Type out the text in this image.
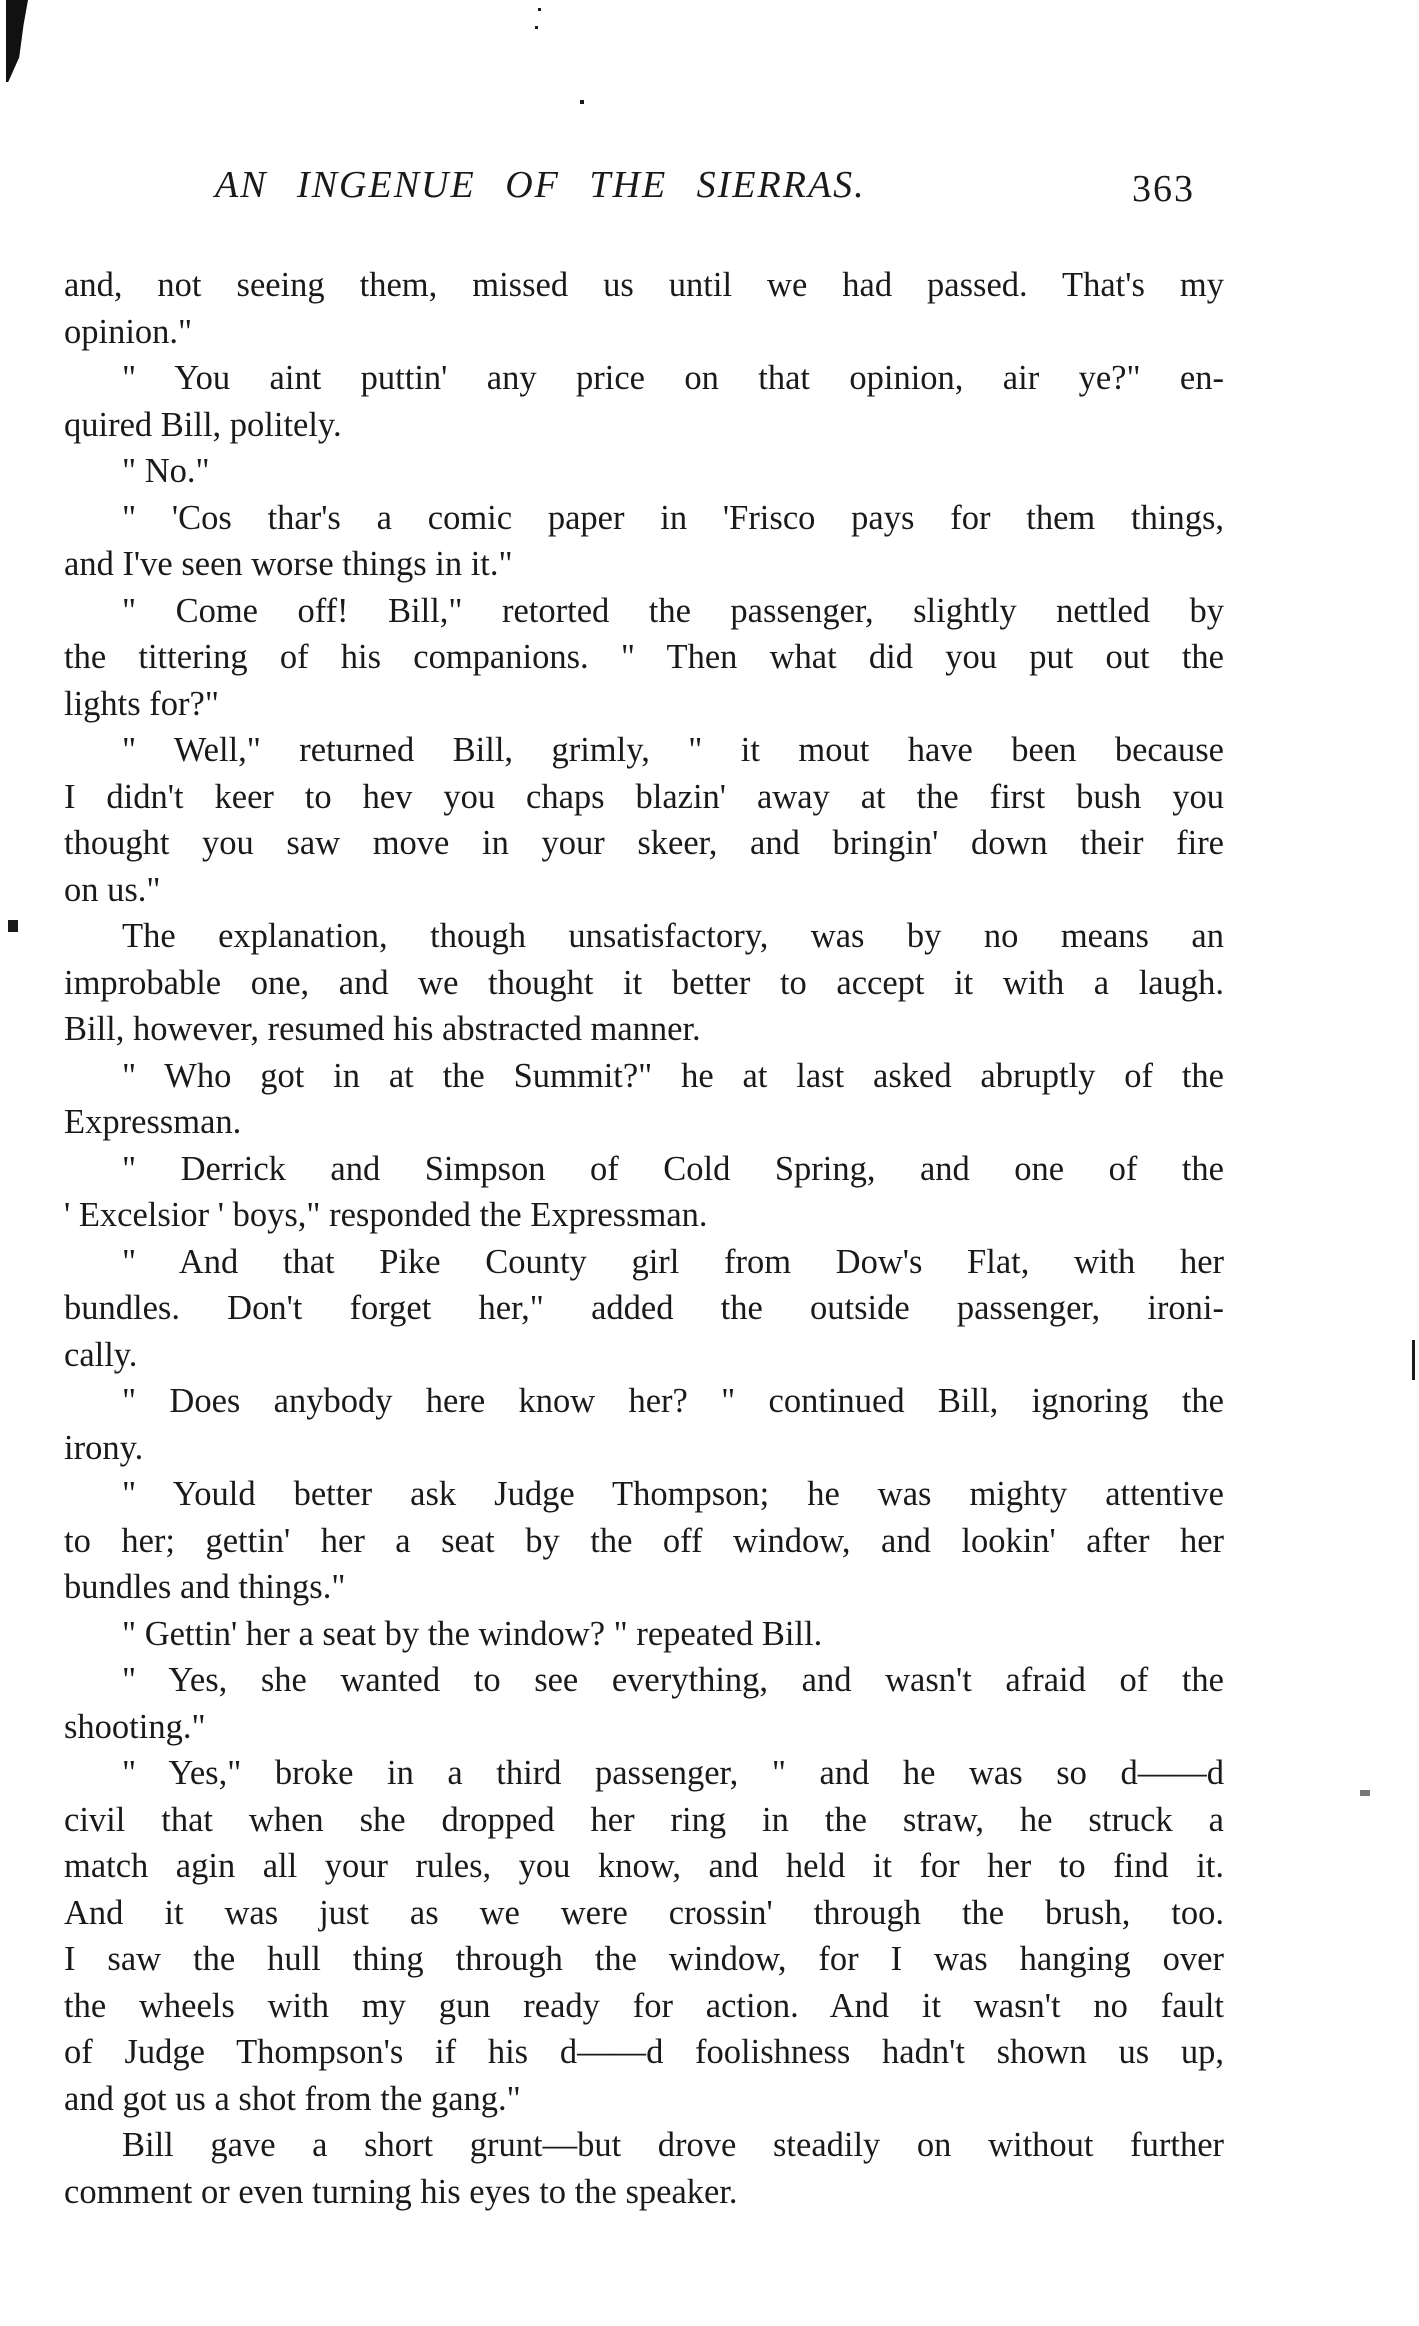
AN INGENUE OF THE SIERRAS.	363
and, not seeing them, missed us until we had passed. That's my
opinion."
" You aint puttin' any price on that opinion, air ye?" en-
quired Bill, politely.
" No."
" 'Cos thar's a comic paper in 'Frisco pays for them things,
and I've seen worse things in it."
" Come off! Bill," retorted the passenger, slightly nettled by
the tittering of his companions. " Then what did you put out the
lights for?"
" Well," returned Bill, grimly, " it mout have been because
I didn't keer to hev you chaps blazin' away at the first bush you
thought you saw move in your skeer, and bringin' down their fire
on us."
The explanation, though unsatisfactory, was by no means an
improbable one, and we thought it better to accept it with a laugh.
Bill, however, resumed his abstracted manner.
" Who got in at the Summit?" he at last asked abruptly of the
Expressman.
" Derrick and Simpson of Cold Spring, and one of the
' Excelsior ' boys," responded the Expressman.
" And that Pike County girl from Dow's Flat, with her
bundles. Don't forget her," added the outside passenger, ironi-
cally.
" Does anybody here know her? " continued Bill, ignoring the
irony.
" Yould better ask Judge Thompson; he was mighty attentive
to her; gettin' her a seat by the off window, and lookin' after her
bundles and things."
" Gettin' her a seat by the window? " repeated Bill.
" Yes, she wanted to see everything, and wasn't afraid of the
shooting."
" Yes," broke in a third passenger, " and he was so d——d
civil that when she dropped her ring in the straw, he struck a
match agin all your rules, you know, and held it for her to find it.
And it was just as we were crossin' through the brush, too.
I saw the hull thing through the window, for I was hanging over
the wheels with my gun ready for action. And it wasn't no fault
of Judge Thompson's if his d——d foolishness hadn't shown us up,
and got us a shot from the gang."
Bill gave a short grunt—but drove steadily on without further
comment or even turning his eyes to the speaker.
